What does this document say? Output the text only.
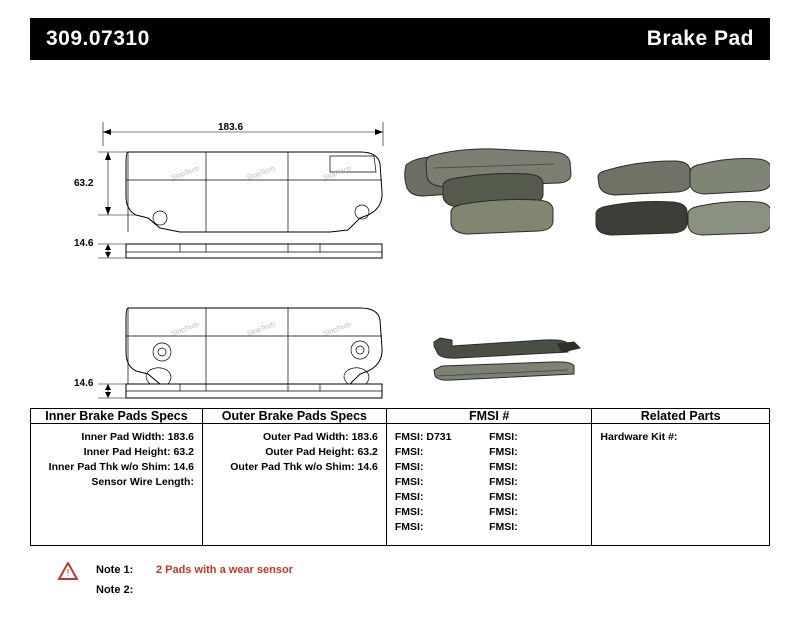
309.07310	Brake Pad
183.6
63.2
14.6
14.6
StopTech	StopTech	StopTech
StopTech	StopTech	StopTech
Inner Brake Pads Specs	Outer Brake Pads Specs	FMSI #	Related Parts

Inner Pad Width: 183.6
Inner Pad Height: 63.2
Inner Pad Thk w/o Shim: 14.6
Sensor Wire Length:

Outer Pad Width: 183.6
Outer Pad Height: 63.2
Outer Pad Thk w/o Shim: 14.6

FMSI: D731	FMSI:
FMSI:	FMSI:
FMSI:	FMSI:
FMSI:	FMSI:
FMSI:	FMSI:
FMSI:	FMSI:
FMSI:	FMSI:

Hardware Kit #:
! Note 1:	2 Pads with a wear sensor
Note 2:
